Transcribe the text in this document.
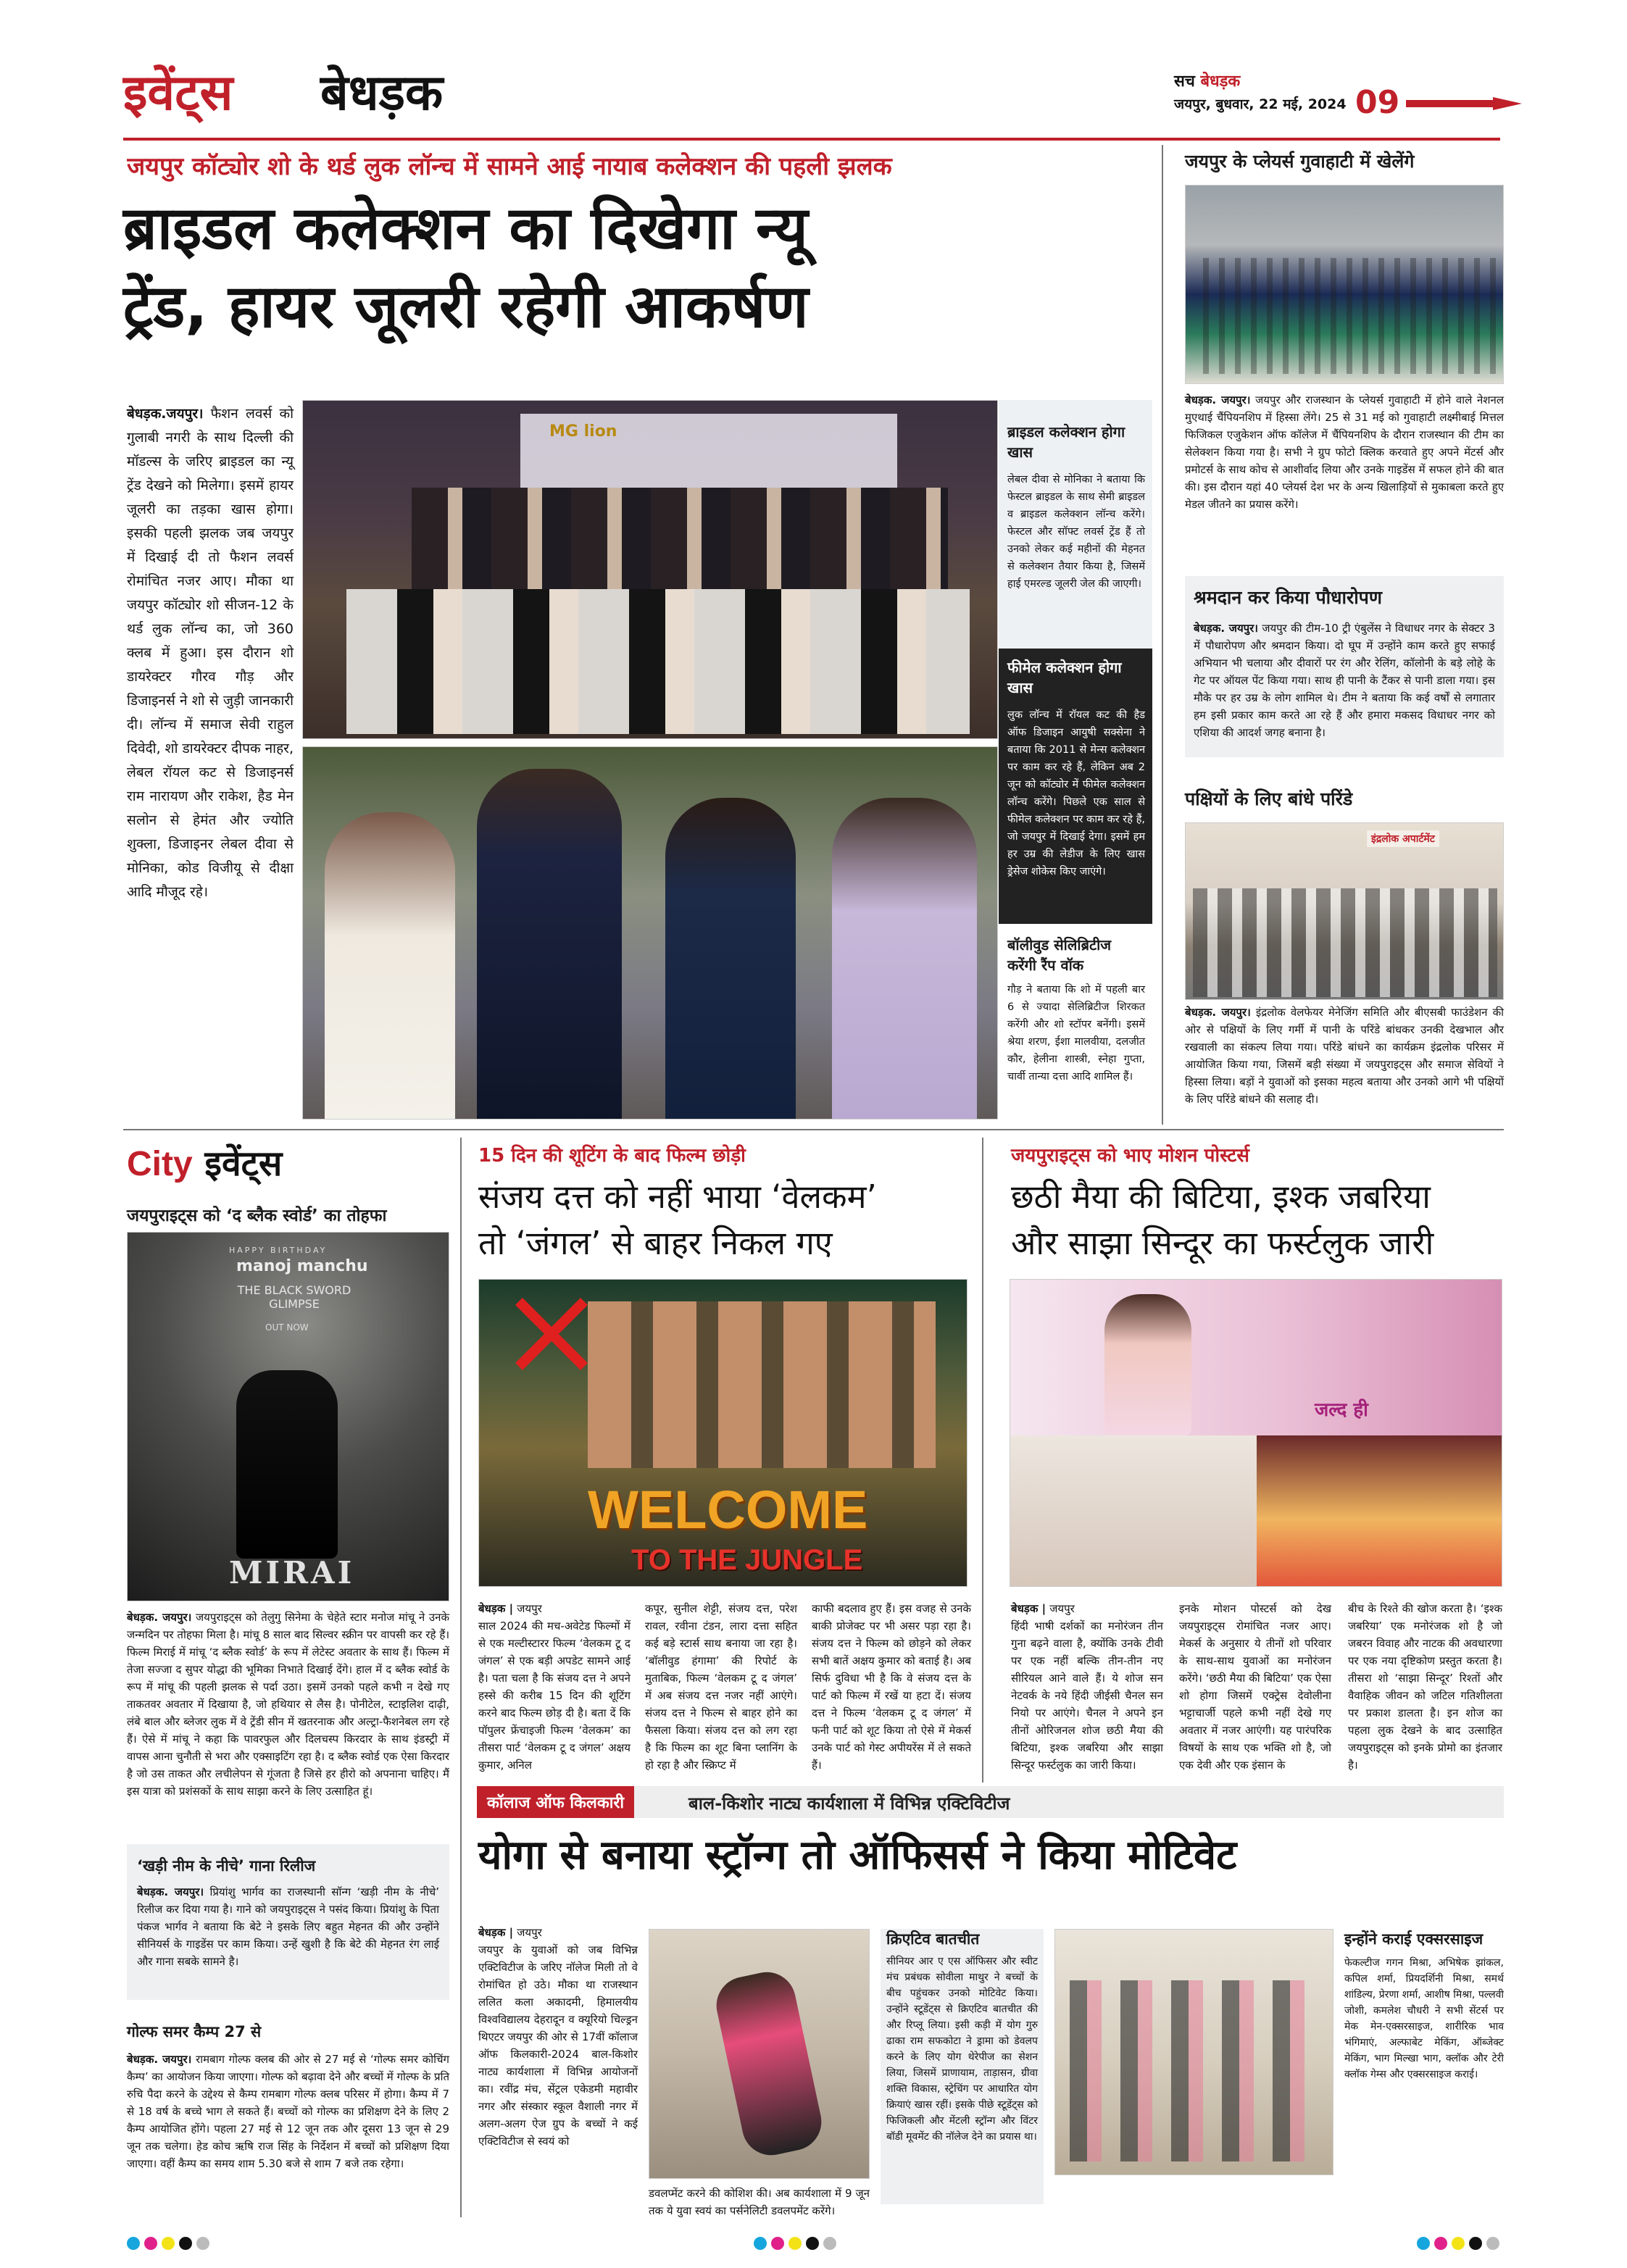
इवेंट्स बेधड़क	सच बेधड़क
जयपुर, बुधवार, 22 मई, 2024 09
जयपुर कॉट्योर शो के थर्ड लुक लॉन्च में सामने आई नायाब कलेक्शन की पहली झलक
ब्राइडल कलेक्शन का दिखेगा न्यू
ट्रेंड, हायर जूलरी रहेगी आकर्षण
बेधड़क.जयपुर। फैशन लवर्स को गुलाबी नगरी के साथ दिल्ली की मॉडल्स के जरिए ब्राइडल का न्यू ट्रेंड देखने को मिलेगा। इसमें हायर जूलरी का तड़का खास होगा। इसकी पहली झलक जब जयपुर में दिखाई दी तो फैशन लवर्स रोमांचित नजर आए। मौका था जयपुर कॉट्योर शो सीजन-12 के थर्ड लुक लॉन्च का, जो 360 क्लब में हुआ। इस दौरान शो डायरेक्टर गौरव गौड़ और डिजाइनर्स ने शो से जुड़ी जानकारी दी। लॉन्च में समाज सेवी राहुल दिवेदी, शो डायरेक्टर दीपक नाहर, लेबल रॉयल कट से डिजाइनर्स राम नारायण और राकेश, हैड मेन सलोन से हेमंत और ज्योति शुक्ला, डिजाइनर लेबल दीवा से मोनिका, कोड विजीयू से दीक्षा आदि मौजूद रहे।
MG lion	ब्राइडल कलेक्शन होगा खास
लेबल दीवा से मोनिका ने बताया कि फेस्टल ब्राइडल के साथ सेमी ब्राइडल व ब्राइडल कलेक्शन लॉन्च करेंगे। फेस्टल और सॉफ्ट लवर्स ट्रेंड हैं तो उनको लेकर कई महीनों की मेहनत से कलेक्शन तैयार किया है, जिसमें हाई एमरल्ड जूलरी जेल की जाएगी।
फीमेल कलेक्शन होगा खास
लुक लॉन्च में रॉयल कट की हैड ऑफ डिजाइन आयुषी सक्सेना ने बताया कि 2011 से मेन्स कलेक्शन पर काम कर रहे हैं, लेकिन अब 2 जून को कॉट्योर में फीमेल कलेक्शन लॉन्च करेंगे। पिछले एक साल से फीमेल कलेक्शन पर काम कर रहे हैं, जो जयपुर में दिखाई देगा। इसमें हम हर उम्र की लेडीज के लिए खास ड्रेसेज शोकेस किए जाएंगे।
बॉलीवुड सेलिब्रिटीज करेंगी रैंप वॉक
गौड़ ने बताया कि शो में पहली बार 6 से ज्यादा सेलिब्रिटीज शिरकत करेंगी और शो स्टॉपर बनेंगी। इसमें श्रेया शरण, ईशा मालवीया, दलजीत कौर, हेलीना शास्त्री, स्नेहा गुप्ता, चार्वी तान्या दत्ता आदि शामिल हैं।
जयपुर के प्लेयर्स गुवाहाटी में खेलेंगे
बेधड़क. जयपुर। जयपुर और राजस्थान के प्लेयर्स गुवाहाटी में होने वाले नेशनल मुएथाई चैंपियनशिप में हिस्सा लेंगे। 25 से 31 मई को गुवाहाटी लक्ष्मीबाई मित्तल फिजिकल एजुकेशन ऑफ कॉलेज में चैंपियनशिप के दौरान राजस्थान की टीम का सेलेक्शन किया गया है। सभी ने ग्रुप फोटो क्लिक करवाते हुए अपने मेंटर्स और प्रमोटर्स के साथ कोच से आशीर्वाद लिया और उनके गाइडेंस में सफल होने की बात की। इस दौरान यहां 40 प्लेयर्स देश भर के अन्य खिलाड़ियों से मुकाबला करते हुए मेडल जीतने का प्रयास करेंगे।
श्रमदान कर किया पौधारोपण
बेधड़क. जयपुर। जयपुर की टीम-10 ट्री एंबुलेंस ने विधाधर नगर के सेक्टर 3 में पौधारोपण और श्रमदान किया। दो घूप में उन्होंने काम करते हुए सफाई अभियान भी चलाया और दीवारों पर रंग और रेलिंग, कॉलोनी के बड़े लोहे के गेट पर ऑयल पेंट किया गया। साथ ही पानी के टैंकर से पानी डाला गया। इस मौके पर हर उम्र के लोग शामिल थे। टीम ने बताया कि कई वर्षों से लगातार हम इसी प्रकार काम करते आ रहे हैं और हमारा मकसद विधाधर नगर को एशिया की आदर्श जगह बनाना है।
पक्षियों के लिए बांधे परिंडे
इंद्रलोक अपार्टमेंट
बेधड़क. जयपुर। इंद्रलोक वेलफेयर मेनेजिंग समिति और बीएसबी फाउंडेशन की ओर से पक्षियों के लिए गर्मी में पानी के परिंडे बांधकर उनकी देखभाल और रखवाली का संकल्प लिया गया। परिंडे बांधने का कार्यक्रम इंद्रलोक परिसर में आयोजित किया गया, जिसमें बड़ी संख्या में जयपुराइट्स और समाज सेवियों ने हिस्सा लिया। बड़ों ने युवाओं को इसका महत्व बताया और उनको आगे भी पक्षियों के लिए परिंडे बांधने की सलाह दी।
City इवेंट्स
जयपुराइट्स को ‘द ब्लैक स्वोर्ड’ का तोहफा
HAPPY BIRTHDAY
manoj manchu
THE BLACK SWORD GLIMPSE
OUT NOW
MIRAI
बेधड़क. जयपुर। जयपुराइट्स को तेलुगु सिनेमा के चेहेते स्टार मनोज मांचू ने उनके जन्मदिन पर तोहफा मिला है। मांचू 8 साल बाद सिल्वर स्क्रीन पर वापसी कर रहे हैं। फिल्म मिराई में मांचू ‘द ब्लैक स्वोर्ड’ के रूप में लेटेस्ट अवतार के साथ हैं। फिल्म में तेजा सज्जा द सुपर योद्धा की भूमिका निभाते दिखाई देंगे। हाल में द ब्लैक स्वोर्ड के रूप में मांचू की पहली झलक से पर्दा उठा। इसमें उनको पहले कभी न देखे गए ताकतवर अवतार में दिखाया है, जो हथियार से लैस है। पोनीटेल, स्टाइलिश दाढ़ी, लंबे बाल और ब्लेजर लुक में वे ट्रेंडी सीन में खतरनाक और अल्ट्रा-फैशनेबल लग रहे हैं। ऐसे में मांचू ने कहा कि पावरफुल और दिलचस्प किरदार के साथ इंडस्ट्री में वापस आना चुनौती से भरा और एक्साइटिंग रहा है। द ब्लैक स्वोर्ड एक ऐसा किरदार है जो उस ताकत और लचीलेपन से गूंजता है जिसे हर हीरो को अपनाना चाहिए। मैं इस यात्रा को प्रशंसकों के साथ साझा करने के लिए उत्साहित हूं।
‘खड़ी नीम के नीचे’ गाना रिलीज
बेधड़क. जयपुर। प्रियांशु भार्गव का राजस्थानी सॉन्ग ‘खड़ी नीम के नीचे’ रिलीज कर दिया गया है। गाने को जयपुराइट्स ने पसंद किया। प्रियांशु के पिता पंकज भार्गव ने बताया कि बेटे ने इसके लिए बहुत मेहनत की और उन्होंने सीनियर्स के गाइडेंस पर काम किया। उन्हें खुशी है कि बेटे की मेहनत रंग लाई और गाना सबके सामने है।
गोल्फ समर कैम्प 27 से
बेधड़क. जयपुर। रामबाग गोल्फ क्लब की ओर से 27 मई से ‘गोल्फ समर कोचिंग कैम्प’ का आयोजन किया जाएगा। गोल्फ को बढ़ावा देने और बच्चों में गोल्फ के प्रति रुचि पैदा करने के उद्देश्य से कैम्प रामबाग गोल्फ क्लब परिसर में होगा। कैम्प में 7 से 18 वर्ष के बच्चे भाग ले सकते हैं। बच्चों को गोल्फ का प्रशिक्षण देने के लिए 2 कैम्प आयोजित होंगे। पहला 27 मई से 12 जून तक और दूसरा 13 जून से 29 जून तक चलेगा। हेड कोच ऋषि राज सिंह के निर्देशन में बच्चों को प्रशिक्षण दिया जाएगा। वहीं कैम्प का समय शाम 5.30 बजे से शाम 7 बजे तक रहेगा।
15 दिन की शूटिंग के बाद फिल्म छोड़ी
संजय दत्त को नहीं भाया ‘वेलकम’
तो ‘जंगल’ से बाहर निकल गए
WELCOME
TO THE JUNGLE
बेधड़क | जयपुर
साल 2024 की मच-अवेटेड फिल्मों में से एक मल्टीस्टारर फिल्म ‘वेलकम टू द जंगल’ से एक बड़ी अपडेट सामने आई है। पता चला है कि संजय दत्त ने अपने हस्से की करीब 15 दिन की शूटिंग करने बाद फिल्म छोड़ दी है। बता दें कि पॉपुलर फ्रेंचाइजी फिल्म ‘वेलकम’ का तीसरा पार्ट ‘वेलकम टू द जंगल’ अक्षय कुमार, अनिल
कपूर, सुनील शेट्टी, संजय दत्त, परेश रावल, रवीना टंडन, लारा दत्ता सहित कई बड़े स्टार्स साथ बनाया जा रहा है। ‘बॉलीवुड हंगामा’ की रिपोर्ट के मुताबिक, फिल्म ‘वेलकम टू द जंगल’ में अब संजय दत्त नजर नहीं आएंगे। संजय दत्त ने फिल्म से बाहर होने का फैसला किया। संजय दत्त को लग रहा है कि फिल्म का शूट बिना प्लानिंग के हो रहा है और स्क्रिप्ट में
काफी बदलाव हुए हैं। इस वजह से उनके बाकी प्रोजेक्ट पर भी असर पड़ा रहा है। संजय दत्त ने फिल्म को छोड़ने को लेकर सभी बातें अक्षय कुमार को बताई है। अब सिर्फ दुविधा भी है कि वे संजय दत्त के पार्ट को फिल्म में रखें या हटा दें। संजय दत्त ने फिल्म ‘वेलकम टू द जंगल’ में फनी पार्ट को शूट किया तो ऐसे में मेकर्स उनके पार्ट को गेस्ट अपीयरेंस में ले सकते हैं।
जयपुराइट्स को भाए मोशन पोस्टर्स
छठी मैया की बिटिया, इश्क जबरिया
और साझा सिन्दूर का फर्स्टलुक जारी
जल्द ही
बेधड़क | जयपुर
हिंदी भाषी दर्शकों का मनोरंजन तीन गुना बढ़ने वाला है, क्योंकि उनके टीवी पर एक नहीं बल्कि तीन-तीन नए सीरियल आने वाले हैं। ये शोज सन नेटवर्क के नये हिंदी जीईसी चैनल सन नियो पर आएंगे। चैनल ने अपने इन तीनों ओरिजनल शोज छठी मैया की बिटिया, इश्क जबरिया और साझा सिन्दूर फर्स्टलुक का जारी किया।
इनके मोशन पोस्टर्स को देख जयपुराइट्स रोमांचित नजर आए। मेकर्स के अनुसार ये तीनों शो परिवार के साथ-साथ युवाओं का मनोरंजन करेंगे। ‘छठी मैया की बिटिया’ एक ऐसा शो होगा जिसमें एक्ट्रेस देवोलीना भट्टाचार्जी पहले कभी नहीं देखे गए अवतार में नजर आएंगी। यह पारंपरिक विषयों के साथ एक भक्ति शो है, जो एक देवी और एक इंसान के
बीच के रिश्ते की खोज करता है। ‘इश्क जबरिया’ एक मनोरंजक शो है जो जबरन विवाह और नाटक की अवधारणा पर एक नया दृष्टिकोण प्रस्तुत करता है। तीसरा शो ‘साझा सिन्दूर’ रिश्तों और वैवाहिक जीवन को जटिल गतिशीलता पर प्रकाश डालता है। इन शोज का पहला लुक देखने के बाद उत्साहित जयपुराइट्स को इनके प्रोमो का इंतजार है।
कॉलाज ऑफ किलकारी	बाल-किशोर नाट्य कार्यशाला में विभिन्न एक्टिविटीज
योगा से बनाया स्ट्रॉन्ग तो ऑफिसर्स ने किया मोटिवेट
बेधड़क | जयपुर
जयपुर के युवाओं को जब विभिन्न एक्टिविटीज के जरिए नॉलेज मिली तो वे रोमांचित हो उठे। मौका था राजस्थान ललित कला अकादमी, हिमालयीय विश्वविद्यालय देहरादून व क्यूरियो चिल्ड्रन थिएटर जयपुर की ओर से 17वीं कॉलाज ऑफ किलकारी-2024 बाल-किशोर नाट्य कार्यशाला में विभिन्न आयोजनों का। रवींद्र मंच, सेंट्रल एकेडमी महावीर नगर और संस्कार स्कूल वैशाली नगर में अलग-अलग ऐज ग्रुप के बच्चों ने कई एक्टिविटीज से स्वयं को
डवलप्मेंट करने की कोशिश की। अब कार्यशाला में 9 जून तक ये युवा स्वयं का पर्सनेलिटी डवलपमेंट करेंगे।
क्रिएटिव बातचीत
सीनियर आर ए एस ऑफिसर और स्वीट मंच प्रबंधक सोवीला माथुर ने बच्चों के बीच पहुंचकर उनको मोटिवेट किया। उन्होंने स्टूडेंट्स से क्रिएटिव बातचीत की और रिप्लू लिया। इसी कड़ी में योग गुरु ढाका राम सफकोटा ने ड्रामा को डेवलप करने के लिए योग थेरेपीज का सेशन लिया, जिसमें प्राणायाम, ताड़ासन, ग्रीवा शक्ति विकास, स्ट्रेचिंग पर आधारित योग क्रियाएं खास रहीं। इसके पीछे स्टूडेंट्स को फिजिकली और मेंटली स्ट्रॉन्ग और विंटर बॉडी मूवमेंट की नॉलेज देने का प्रयास था।
इन्होंने कराई एक्सरसाइज
फेकल्टीज गगन मिश्रा, अभिषेक झांकल, कपिल शर्मा, प्रियदर्शिनी मिश्रा, समर्थ शांडिल्य, प्रेरणा शर्मा, आशीष मिश्रा, पल्लवी जोशी, कमलेश चौधरी ने सभी सेंटर्स पर मेक मेन-एक्सरसाइज, शारीरिक भाव भंगिमाएं, अल्फाबेट मेकिंग, ऑब्जेक्ट मेकिंग, भाग मिल्खा भाग, क्लॉक और टेरी क्लॉक गेम्स और एक्सरसाइज कराई।
